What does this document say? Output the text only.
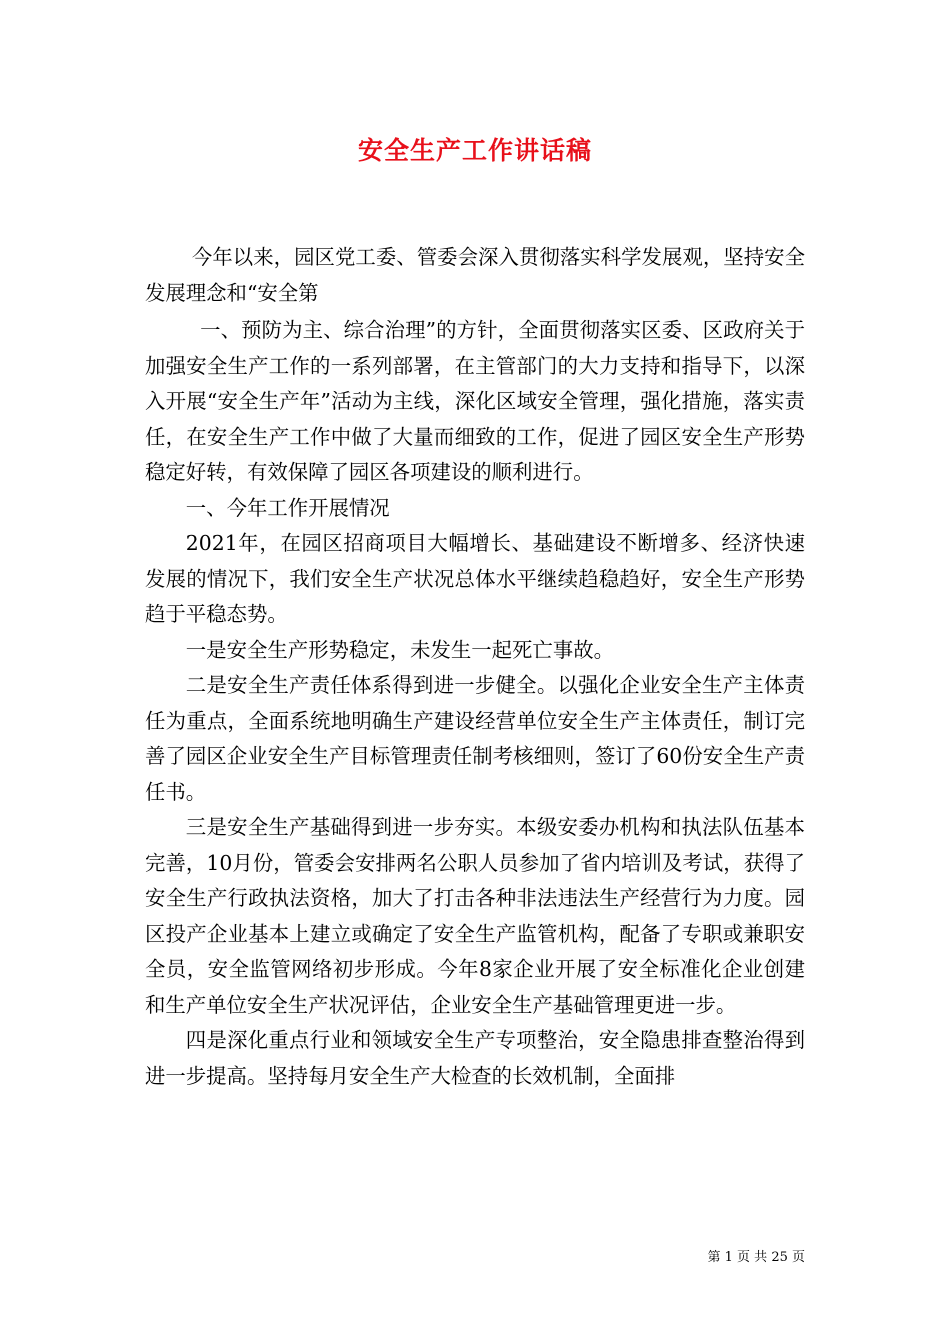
安全生产工作讲话稿

今年以来，园区党工委、管委会深入贯彻落实科学发展观，坚持安全发展理念和“安全第

一、预防为主、综合治理”的方针，全面贯彻落实区委、区政府关于加强安全生产工作的一系列部署，在主管部门的大力支持和指导下，以深入开展“安全生产年”活动为主线，深化区域安全管理，强化措施，落实责任，在安全生产工作中做了大量而细致的工作，促进了园区安全生产形势稳定好转，有效保障了园区各项建设的顺利进行。

一、今年工作开展情况

2021年，在园区招商项目大幅增长、基础建设不断增多、经济快速发展的情况下，我们安全生产状况总体水平继续趋稳趋好，安全生产形势趋于平稳态势。

一是安全生产形势稳定，未发生一起死亡事故。

二是安全生产责任体系得到进一步健全。以强化企业安全生产主体责任为重点，全面系统地明确生产建设经营单位安全生产主体责任，制订完善了园区企业安全生产目标管理责任制考核细则，签订了60份安全生产责任书。

三是安全生产基础得到进一步夯实。本级安委办机构和执法队伍基本完善，10月份，管委会安排两名公职人员参加了省内培训及考试，获得了安全生产行政执法资格，加大了打击各种非法违法生产经营行为力度。园区投产企业基本上建立或确定了安全生产监管机构，配备了专职或兼职安全员，安全监管网络初步形成。今年8家企业开展了安全标准化企业创建和生产单位安全生产状况评估，企业安全生产基础管理更进一步。

四是深化重点行业和领域安全生产专项整治，安全隐患排查整治得到进一步提高。坚持每月安全生产大检查的长效机制，全面排

第 1 页 共 25 页
